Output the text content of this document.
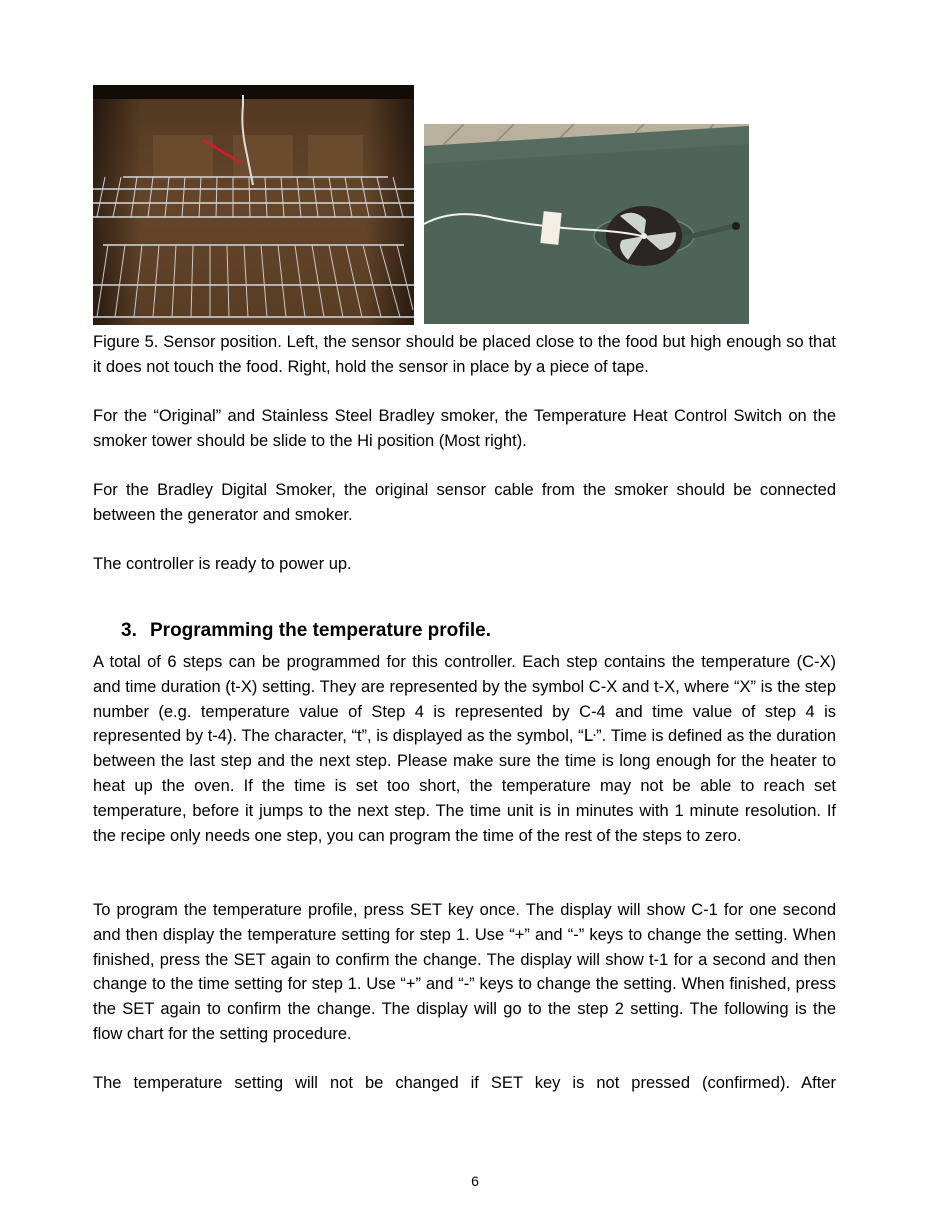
Figure 5. Sensor position. Left, the sensor should be placed close to the food but high enough so that it does not touch the food. Right, hold the sensor in place by a piece of tape.

For the “Original” and Stainless Steel Bradley smoker, the Temperature Heat Control Switch on the smoker tower should be slide to the Hi position (Most right).

For the Bradley Digital Smoker, the original sensor cable from the smoker should be connected between the generator and smoker.

The controller is ready to power up.

3. Programming the temperature profile.

A total of 6 steps can be programmed for this controller. Each step contains the temperature (C-X) and time duration (t-X) setting. They are represented by the symbol C-X and t-X, where “X” is the step number (e.g. temperature value of Step 4 is represented by C-4 and time value of step 4 is represented by t-4). The character, “t”, is displayed as the symbol, “ᒷ”. Time is defined as the duration between the last step and the next step. Please make sure the time is long enough for the heater to heat up the oven. If the time is set too short, the temperature may not be able to reach set temperature, before it jumps to the next step. The time unit is in minutes with 1 minute resolution. If the recipe only needs one step, you can program the time of the rest of the steps to zero.

To program the temperature profile, press SET key once. The display will show C-1 for one second and then display the temperature setting for step 1. Use “+” and “-” keys to change the setting. When finished, press the SET again to confirm the change. The display will show t-1 for a second and then change to the time setting for step 1. Use “+” and “-” keys to change the setting. When finished, press the SET again to confirm the change. The display will go to the step 2 setting. The following is the flow chart for the setting procedure.

The temperature setting will not be changed if SET key is not pressed (confirmed). After

6
